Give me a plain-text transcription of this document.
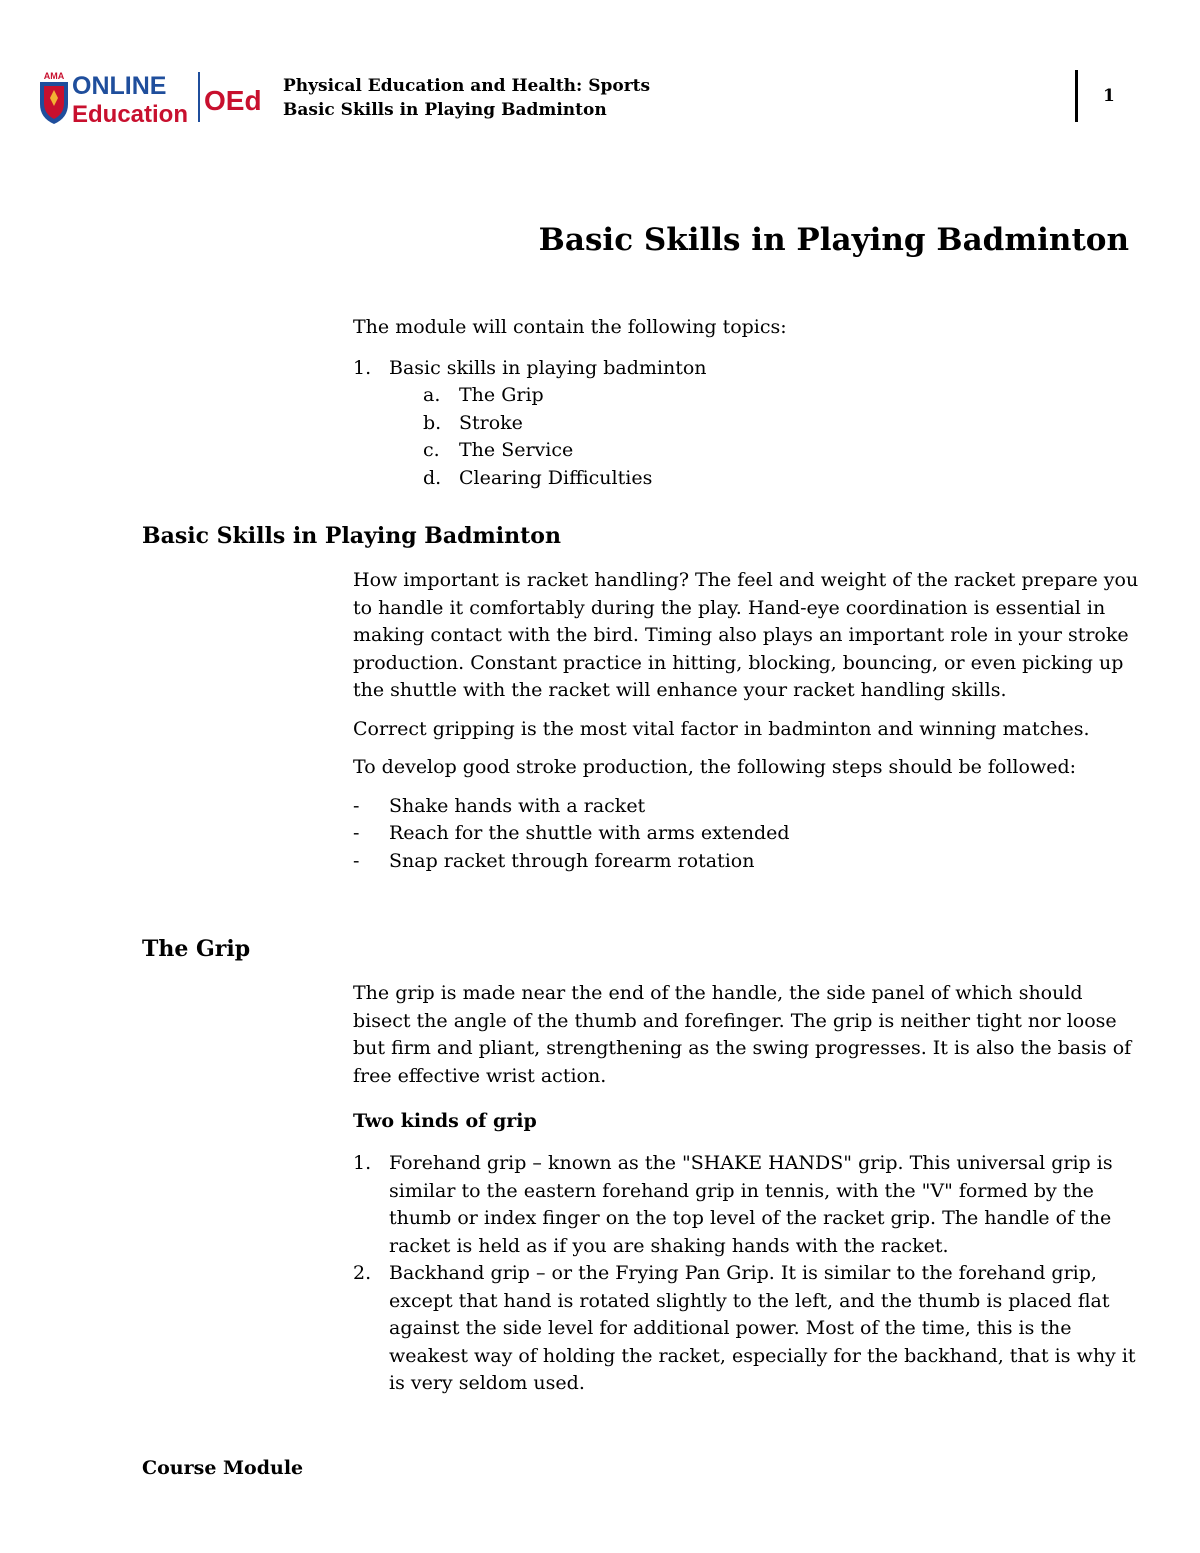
AMA ONLINE
Education OEd Physical Education and Health: Sports
Basic Skills in Playing Badminton
1
Basic Skills in Playing Badminton

The module will contain the following topics:

1. Basic skills in playing badminton
a. The Grip
b. Stroke
c. The Service
d. Clearing Difficulties
Basic Skills in Playing Badminton

How important is racket handling? The feel and weight of the racket prepare you to handle it comfortably during the play. Hand-eye coordination is essential in making contact with the bird. Timing also plays an important role in your stroke production. Constant practice in hitting, blocking, bouncing, or even picking up the shuttle with the racket will enhance your racket handling skills.

Correct gripping is the most vital factor in badminton and winning matches.

To develop good stroke production, the following steps should be followed:

- Shake hands with a racket
- Reach for the shuttle with arms extended
- Snap racket through forearm rotation
The Grip

The grip is made near the end of the handle, the side panel of which should bisect the angle of the thumb and forefinger. The grip is neither tight nor loose but firm and pliant, strengthening as the swing progresses. It is also the basis of free effective wrist action.

Two kinds of grip
1. Forehand grip – known as the "SHAKE HANDS" grip. This universal grip is similar to the eastern forehand grip in tennis, with the "V" formed by the thumb or index finger on the top level of the racket grip. The handle of the racket is held as if you are shaking hands with the racket.
2. Backhand grip – or the Frying Pan Grip. It is similar to the forehand grip, except that hand is rotated slightly to the left, and the thumb is placed flat against the side level for additional power. Most of the time, this is the weakest way of holding the racket, especially for the backhand, that is why it is very seldom used.
Course Module
